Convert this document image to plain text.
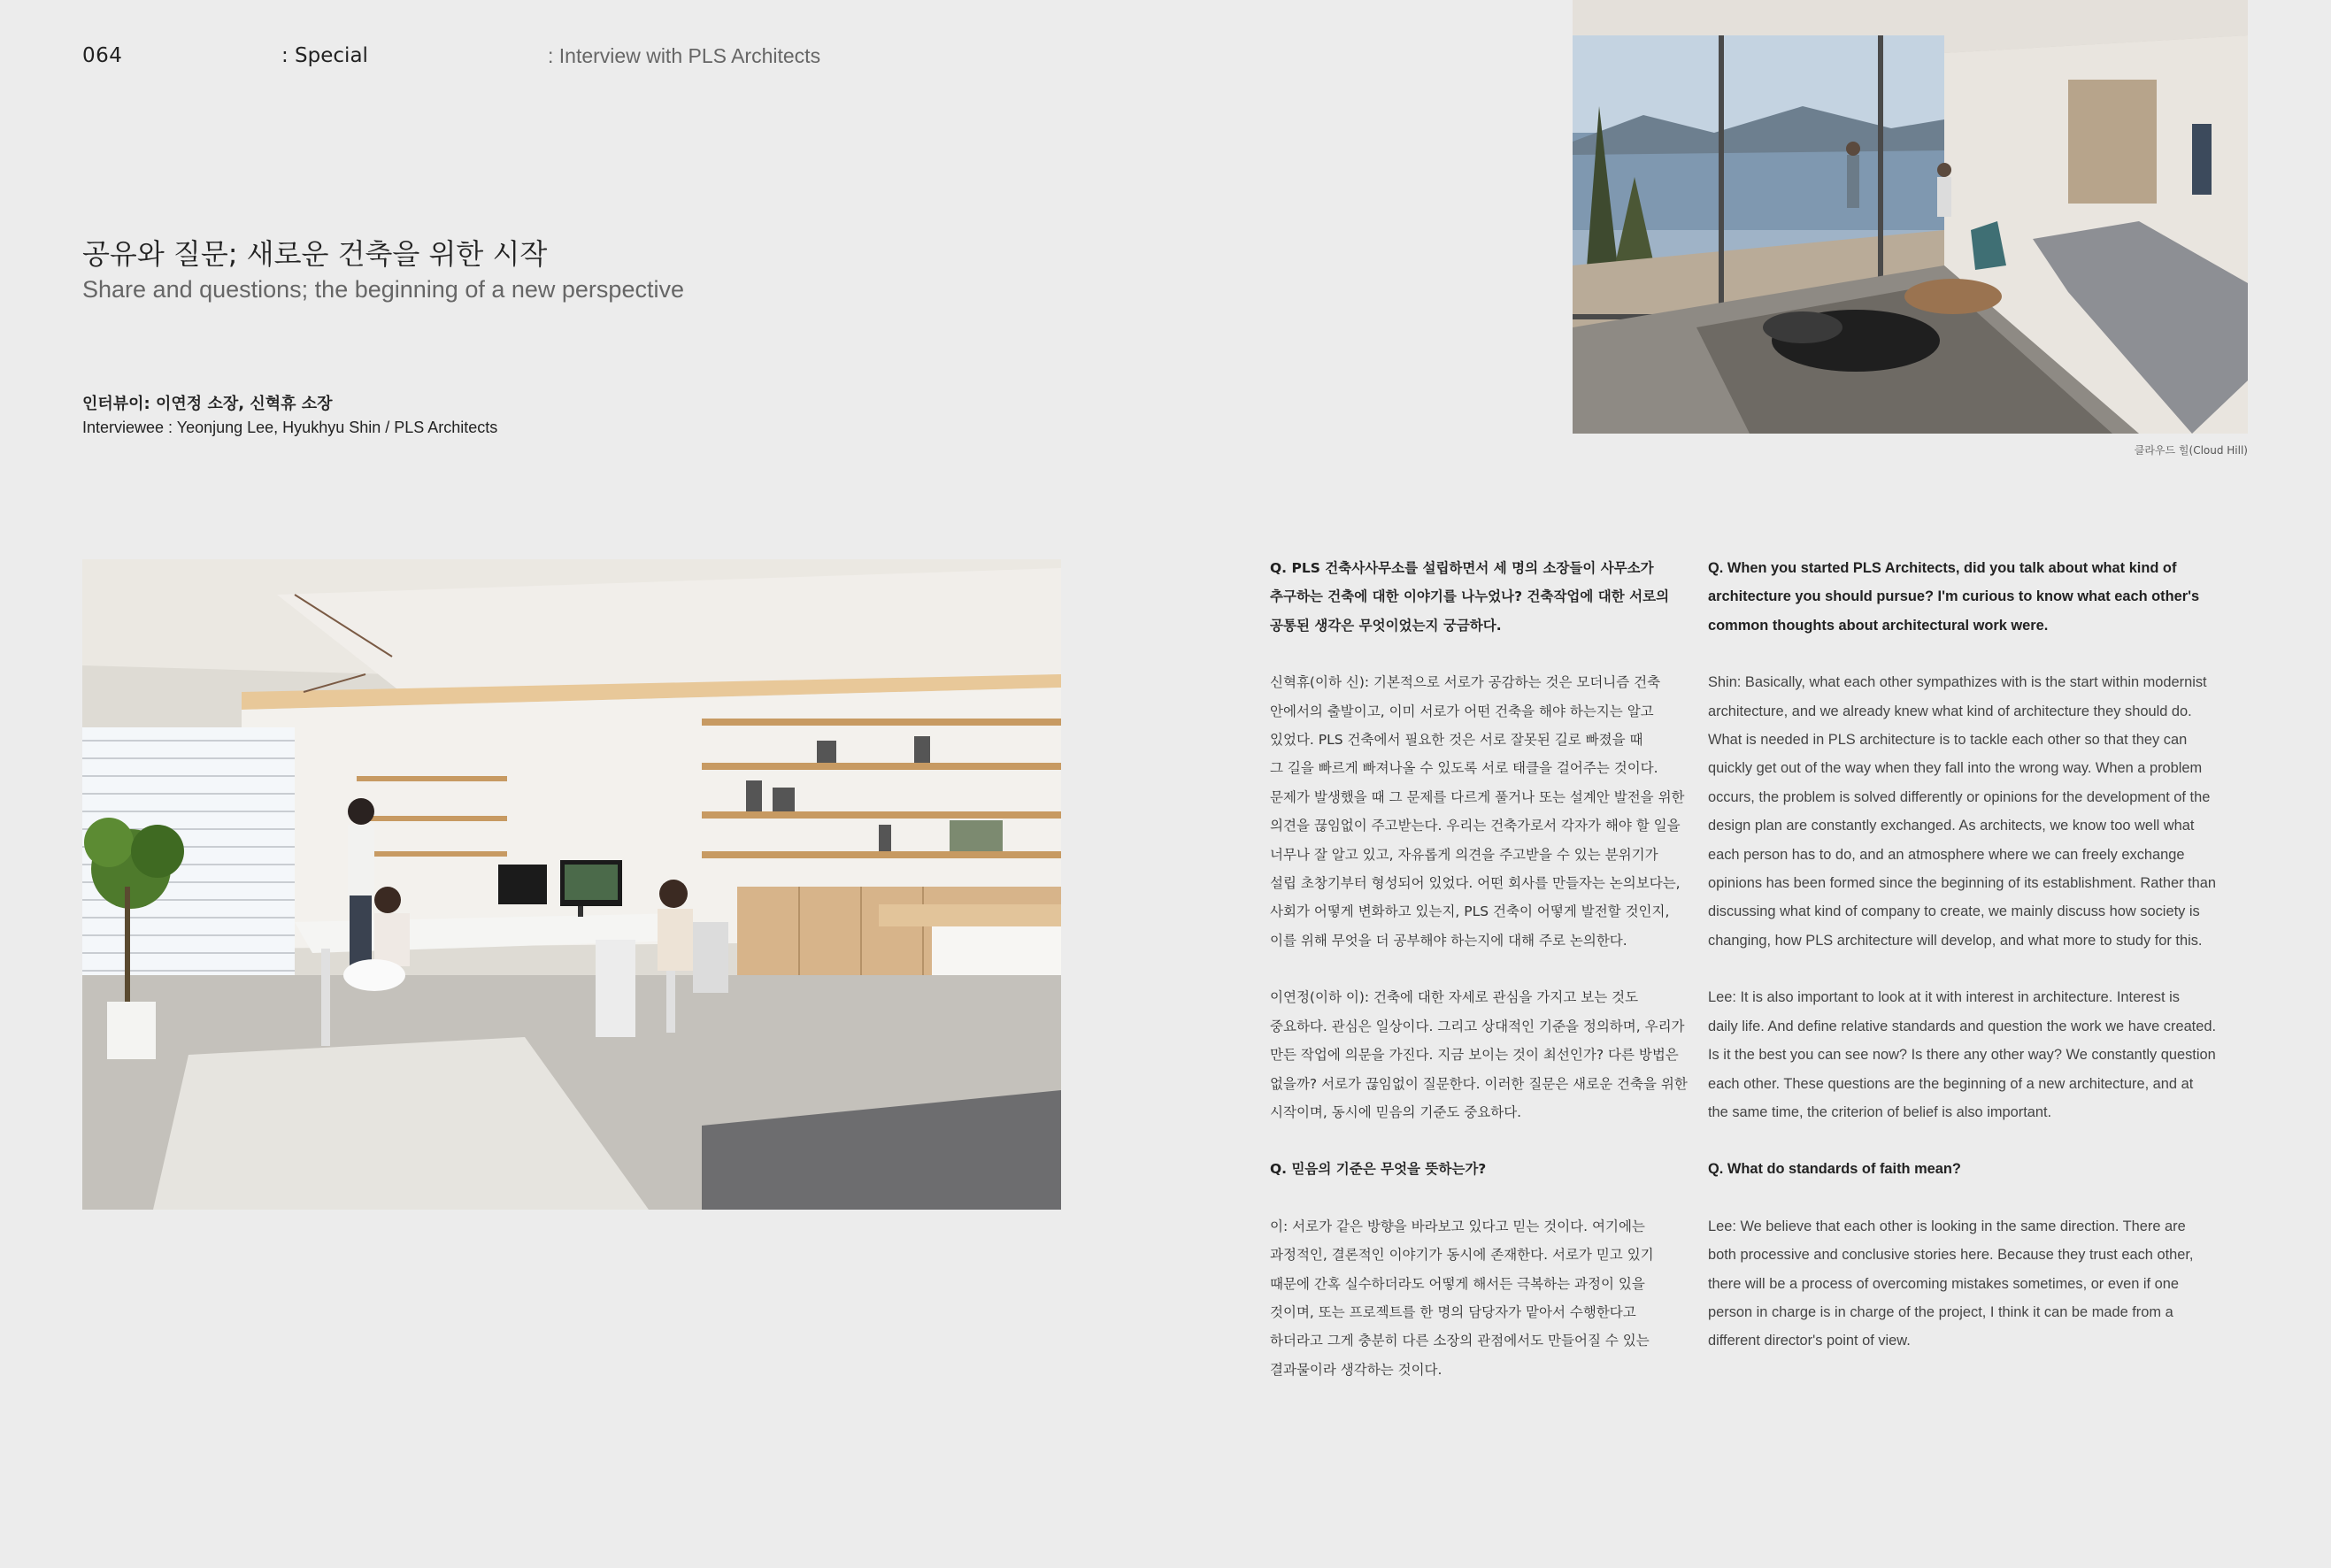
064	: Special	: Interview with PLS Architects
공유와 질문; 새로운 건축을 위한 시작
Share and questions; the beginning of a new perspective
인터뷰이: 이연정 소장, 신혁휴 소장
Interviewee : Yeonjung Lee, Hyukhyu Shin / PLS Architects
클라우드 힐(Cloud Hill)
Q. PLS 건축사사무소를 설립하면서 세 명의 소장들이 사무소가
추구하는 건축에 대한 이야기를 나누었나? 건축작업에 대한 서로의
공통된 생각은 무엇이었는지 궁금하다.
신혁휴(이하 신): 기본적으로 서로가 공감하는 것은 모더니즘 건축
안에서의 출발이고, 이미 서로가 어떤 건축을 해야 하는지는 알고
있었다. PLS 건축에서 필요한 것은 서로 잘못된 길로 빠졌을 때
그 길을 빠르게 빠져나올 수 있도록 서로 태클을 걸어주는 것이다.
문제가 발생했을 때 그 문제를 다르게 풀거나 또는 설계안 발전을 위한
의견을 끊임없이 주고받는다. 우리는 건축가로서 각자가 해야 할 일을
너무나 잘 알고 있고, 자유롭게 의견을 주고받을 수 있는 분위기가
설립 초창기부터 형성되어 있었다. 어떤 회사를 만들자는 논의보다는,
사회가 어떻게 변화하고 있는지, PLS 건축이 어떻게 발전할 것인지,
이를 위해 무엇을 더 공부해야 하는지에 대해 주로 논의한다.
이연정(이하 이): 건축에 대한 자세로 관심을 가지고 보는 것도
중요하다. 관심은 일상이다. 그리고 상대적인 기준을 정의하며, 우리가
만든 작업에 의문을 가진다. 지금 보이는 것이 최선인가? 다른 방법은
없을까? 서로가 끊임없이 질문한다. 이러한 질문은 새로운 건축을 위한
시작이며, 동시에 믿음의 기준도 중요하다.
Q. 믿음의 기준은 무엇을 뜻하는가?
이: 서로가 같은 방향을 바라보고 있다고 믿는 것이다. 여기에는
과정적인, 결론적인 이야기가 동시에 존재한다. 서로가 믿고 있기
때문에 간혹 실수하더라도 어떻게 해서든 극복하는 과정이 있을
것이며, 또는 프로젝트를 한 명의 담당자가 맡아서 수행한다고
하더라고 그게 충분히 다른 소장의 관점에서도 만들어질 수 있는
결과물이라 생각하는 것이다.
Q. When you started PLS Architects, did you talk about what kind of
architecture you should pursue? I'm curious to know what each other's
common thoughts about architectural work were.
Shin: Basically, what each other sympathizes with is the start within modernist
architecture, and we already knew what kind of architecture they should do.
What is needed in PLS architecture is to tackle each other so that they can
quickly get out of the way when they fall into the wrong way. When a problem
occurs, the problem is solved differently or opinions for the development of the
design plan are constantly exchanged. As architects, we know too well what
each person has to do, and an atmosphere where we can freely exchange
opinions has been formed since the beginning of its establishment. Rather than
discussing what kind of company to create, we mainly discuss how society is
changing, how PLS architecture will develop, and what more to study for this.
Lee: It is also important to look at it with interest in architecture. Interest is
daily life. And define relative standards and question the work we have created.
Is it the best you can see now? Is there any other way? We constantly question
each other. These questions are the beginning of a new architecture, and at
the same time, the criterion of belief is also important.
Q. What do standards of faith mean?
Lee: We believe that each other is looking in the same direction. There are
both processive and conclusive stories here. Because they trust each other,
there will be a process of overcoming mistakes sometimes, or even if one
person in charge is in charge of the project, I think it can be made from a
different director's point of view.
